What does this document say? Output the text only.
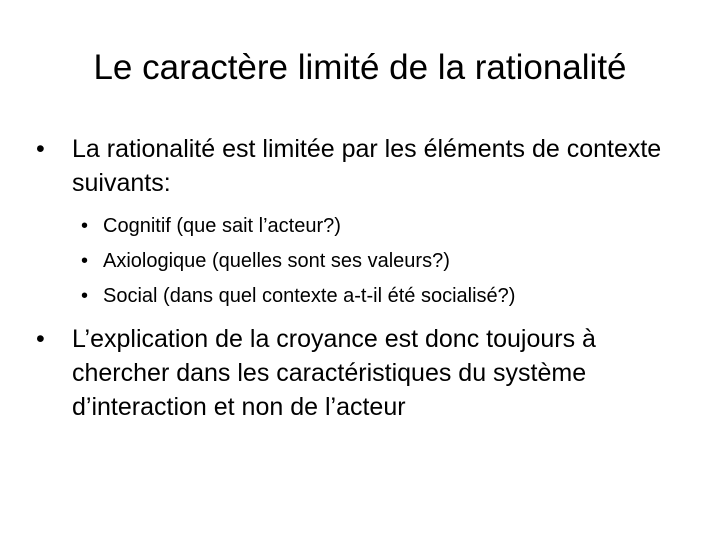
Le caractère limité de la rationalité
•	La rationalité est limitée par les éléments de contexte suivants:
• Cognitif (que sait l’acteur?)
• Axiologique (quelles sont ses valeurs?)
• Social (dans quel contexte a-t-il été socialisé?)
•	L’explication de la croyance est donc toujours à chercher dans les caractéristiques du système d’interaction et non de l’acteur
